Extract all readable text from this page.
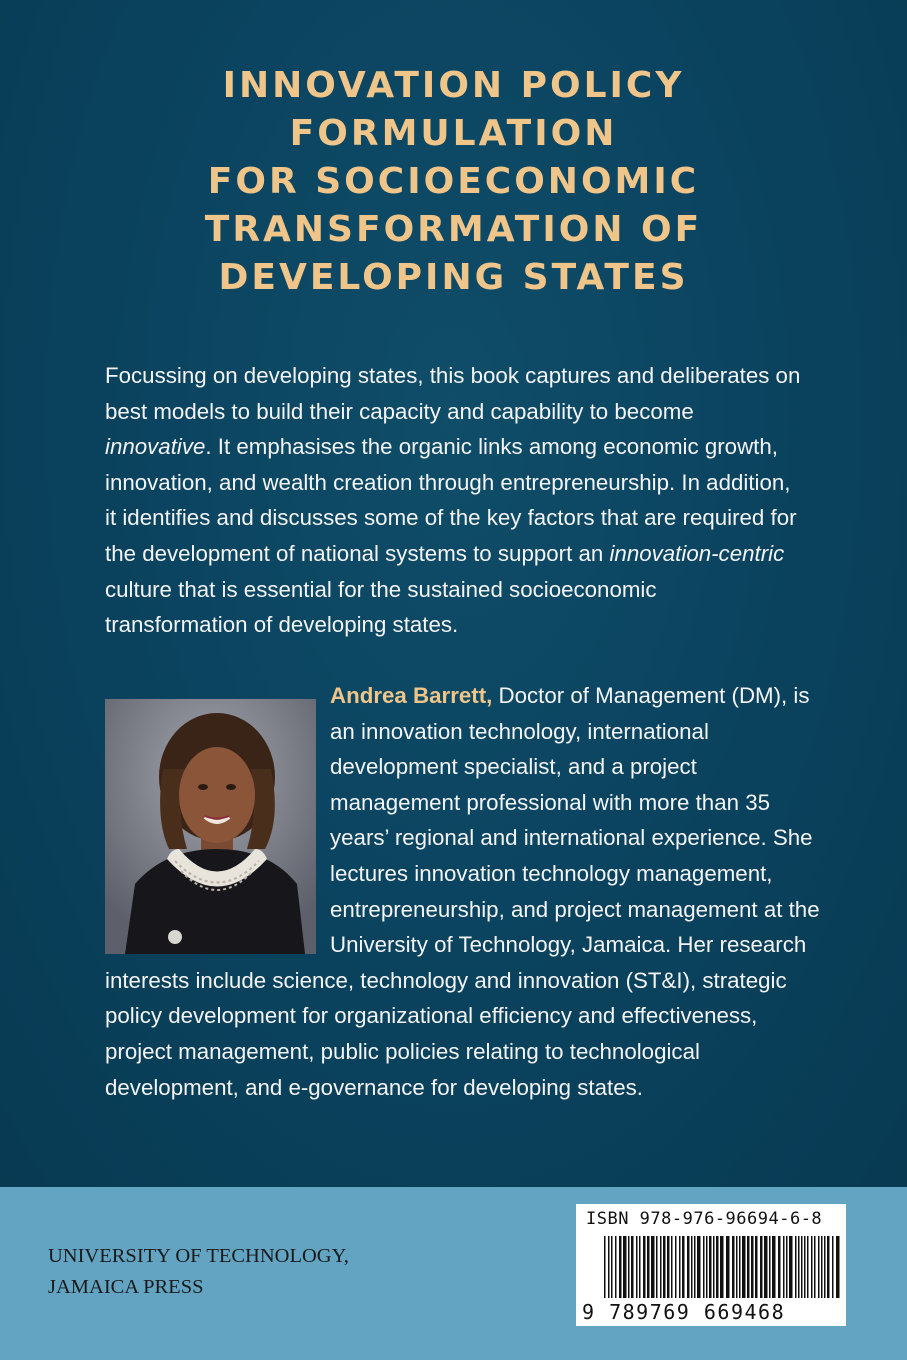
INNOVATION POLICY
FORMULATION
FOR SOCIOECONOMIC
TRANSFORMATION OF
DEVELOPING STATES

Focussing on developing states, this book captures and deliberates on best models to build their capacity and capability to become innovative. It emphasises the organic links among economic growth, innovation, and wealth creation through entrepreneurship. In addition, it identifies and discusses some of the key factors that are required for the development of national systems to support an innovation-centric culture that is essential for the sustained socioeconomic transformation of developing states.

Andrea Barrett, Doctor of Management (DM), is an innovation technology, international development specialist, and a project management professional with more than 35 years’ regional and international experience. She lectures innovation technology management, entrepreneurship, and project management at the University of Technology, Jamaica. Her research interests include science, technology and innovation (ST&I), strategic policy development for organizational efficiency and effectiveness, project management, public policies relating to technological development, and e-governance for developing states.

UNIVERSITY OF TECHNOLOGY,
JAMAICA PRESS

ISBN 978-976-96694-6-8
9 789769 669468
